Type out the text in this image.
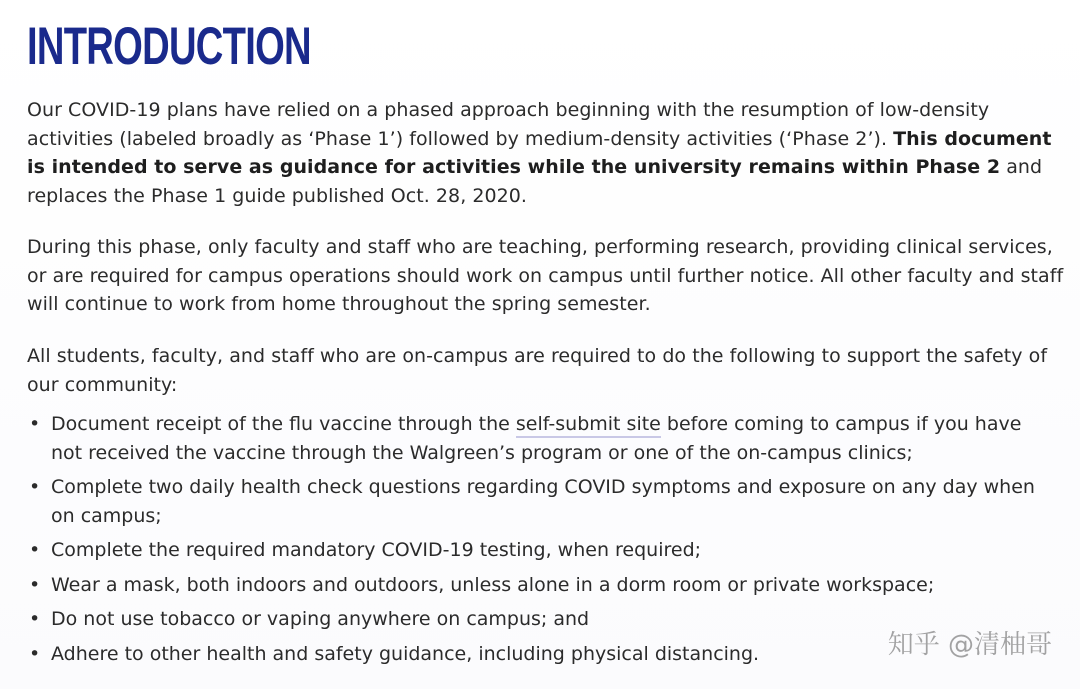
INTRODUCTION

Our COVID-19 plans have relied on a phased approach beginning with the resumption of low-density activities (labeled broadly as ‘Phase 1’) followed by medium-density activities (‘Phase 2’). This document is intended to serve as guidance for activities while the university remains within Phase 2 and replaces the Phase 1 guide published Oct. 28, 2020.

During this phase, only faculty and staff who are teaching, performing research, providing clinical services, or are required for campus operations should work on campus until further notice. All other faculty and staff will continue to work from home throughout the spring semester.

All students, faculty, and staff who are on-campus are required to do the following to support the safety of our community:

• Document receipt of the flu vaccine through the self-submit site before coming to campus if you have not received the vaccine through the Walgreen’s program or one of the on-campus clinics;
• Complete two daily health check questions regarding COVID symptoms and exposure on any day when on campus;
• Complete the required mandatory COVID-19 testing, when required;
• Wear a mask, both indoors and outdoors, unless alone in a dorm room or private workspace;
• Do not use tobacco or vaping anywhere on campus; and
• Adhere to other health and safety guidance, including physical distancing.	知乎 @清柚哥
